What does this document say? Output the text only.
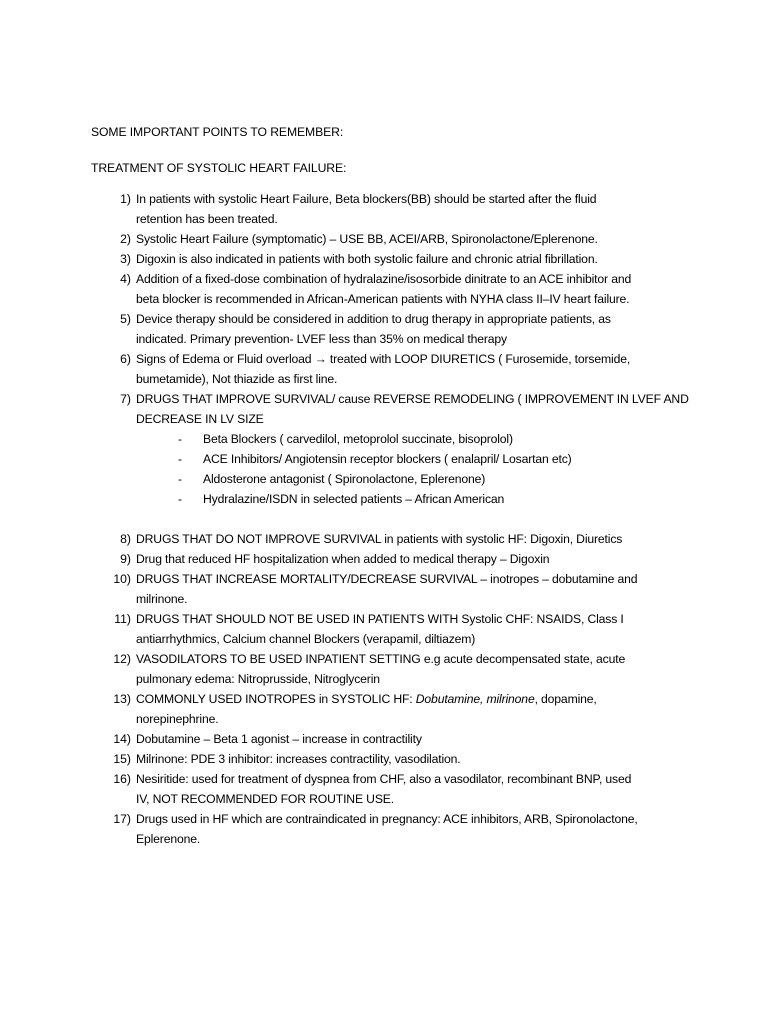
SOME IMPORTANT POINTS TO REMEMBER:
TREATMENT OF SYSTOLIC HEART FAILURE:
1) In patients with systolic Heart Failure, Beta blockers(BB) should be started after the fluid
retention has been treated.
2) Systolic Heart Failure (symptomatic) – USE BB, ACEI/ARB, Spironolactone/Eplerenone.
3) Digoxin is also indicated in patients with both systolic failure and chronic atrial fibrillation.
4) Addition of a fixed-dose combination of hydralazine/isosorbide dinitrate to an ACE inhibitor and
beta blocker is recommended in African-American patients with NYHA class II–IV heart failure.
5) Device therapy should be considered in addition to drug therapy in appropriate patients, as
indicated. Primary prevention- LVEF less than 35% on medical therapy
6) Signs of Edema or Fluid overload → treated with LOOP DIURETICS ( Furosemide, torsemide,
bumetamide), Not thiazide as first line.
7) DRUGS THAT IMPROVE SURVIVAL/ cause REVERSE REMODELING ( IMPROVEMENT IN LVEF AND
DECREASE IN LV SIZE
- Beta Blockers ( carvedilol, metoprolol succinate, bisoprolol)
- ACE Inhibitors/ Angiotensin receptor blockers ( enalapril/ Losartan etc)
- Aldosterone antagonist ( Spironolactone, Eplerenone)
- Hydralazine/ISDN in selected patients – African American
8) DRUGS THAT DO NOT IMPROVE SURVIVAL in patients with systolic HF: Digoxin, Diuretics
9) Drug that reduced HF hospitalization when added to medical therapy – Digoxin
10) DRUGS THAT INCREASE MORTALITY/DECREASE SURVIVAL – inotropes – dobutamine and
milrinone.
11) DRUGS THAT SHOULD NOT BE USED IN PATIENTS WITH Systolic CHF: NSAIDS, Class I
antiarrhythmics, Calcium channel Blockers (verapamil, diltiazem)
12) VASODILATORS TO BE USED INPATIENT SETTING e.g acute decompensated state, acute
pulmonary edema: Nitroprusside, Nitroglycerin
13) COMMONLY USED INOTROPES in SYSTOLIC HF: Dobutamine, milrinone, dopamine,
norepinephrine.
14) Dobutamine – Beta 1 agonist – increase in contractility
15) Milrinone: PDE 3 inhibitor: increases contractility, vasodilation.
16) Nesiritide: used for treatment of dyspnea from CHF, also a vasodilator, recombinant BNP, used
IV, NOT RECOMMENDED FOR ROUTINE USE.
17) Drugs used in HF which are contraindicated in pregnancy: ACE inhibitors, ARB, Spironolactone,
Eplerenone.
